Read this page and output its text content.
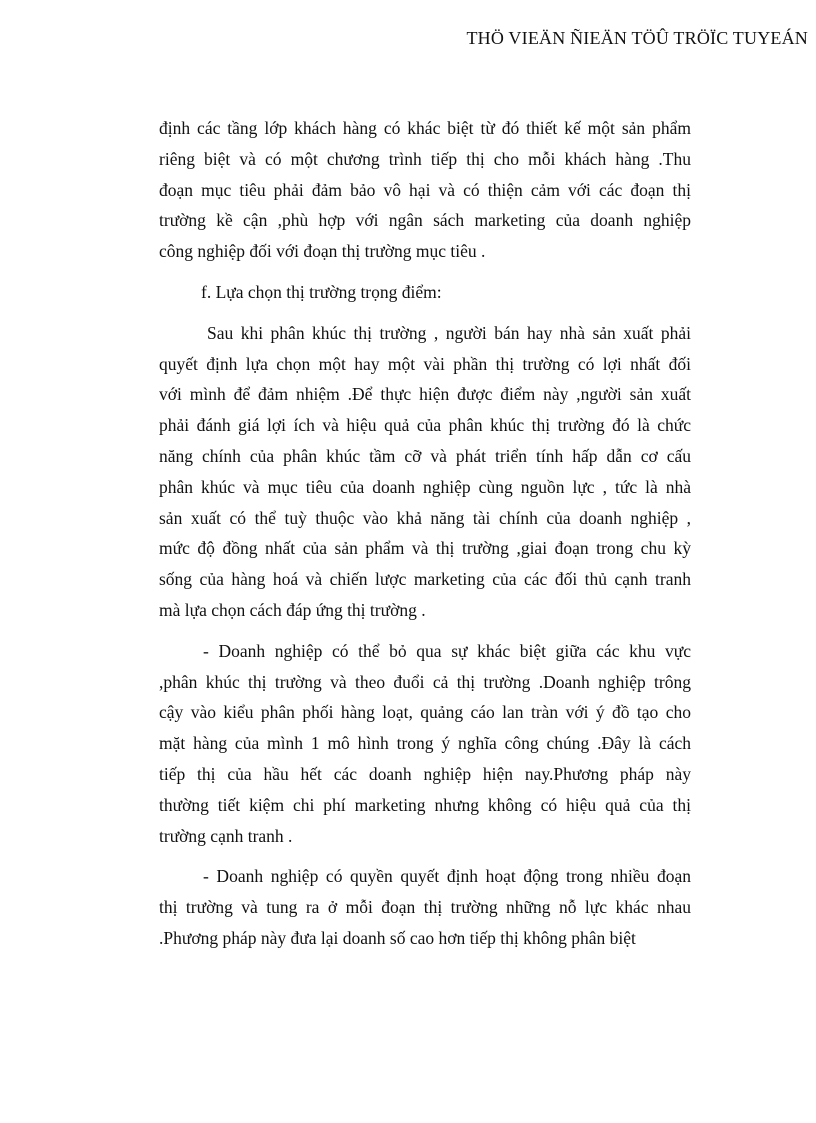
THÖ VIEÄN ÑIEÄN TÖÛ TRÖÏC TUYEÁN
định các tầng lớp khách hàng có khác biệt từ đó thiết kế một sản phẩm
riêng biệt và có một chương trình tiếp thị cho mỗi khách hàng .Thu
đoạn mục tiêu phải đảm bảo vô hại và có thiện cảm với các đoạn thị
trường kề cận ,phù hợp với ngân sách marketing của doanh nghiệp
công nghiệp đối với đoạn thị trường mục tiêu .
f. Lựa chọn thị trường trọng điểm:
Sau khi phân khúc thị trường , người bán hay nhà sản xuất phải
quyết định lựa chọn một hay một vài phần thị trường có lợi nhất đối
với mình để đảm nhiệm .Để thực hiện được điểm này ,người sản xuất
phải đánh giá lợi ích và hiệu quả của phân khúc thị trường đó là chức
năng chính của phân khúc tầm cỡ và phát triển tính hấp dẫn cơ cấu
phân khúc và mục tiêu của doanh nghiệp cùng nguồn lực , tức là nhà
sản xuất có thể tuỳ thuộc vào khả năng tài chính của doanh nghiệp ,
mức độ đồng nhất của sản phẩm và thị trường ,giai đoạn trong chu kỳ
sống của hàng hoá và chiến lược marketing của các đối thủ cạnh tranh
mà lựa chọn cách đáp ứng thị trường .
- Doanh nghiệp có thể bỏ qua sự khác biệt giữa các khu vực
,phân khúc thị trường và theo đuổi cả thị trường .Doanh nghiệp trông
cậy vào kiểu phân phối hàng loạt, quảng cáo lan tràn với ý đồ tạo cho
mặt hàng của mình 1 mô hình trong ý nghĩa công chúng .Đây là cách
tiếp thị của hầu hết các doanh nghiệp hiện nay.Phương pháp này
thường tiết kiệm chi phí marketing nhưng không có hiệu quả của thị
trường cạnh tranh .
- Doanh nghiệp có quyền quyết định hoạt động trong nhiều đoạn
thị trường và tung ra ở mỗi đoạn thị trường những nỗ lực khác nhau
.Phương pháp này đưa lại doanh số cao hơn tiếp thị không phân biệt
